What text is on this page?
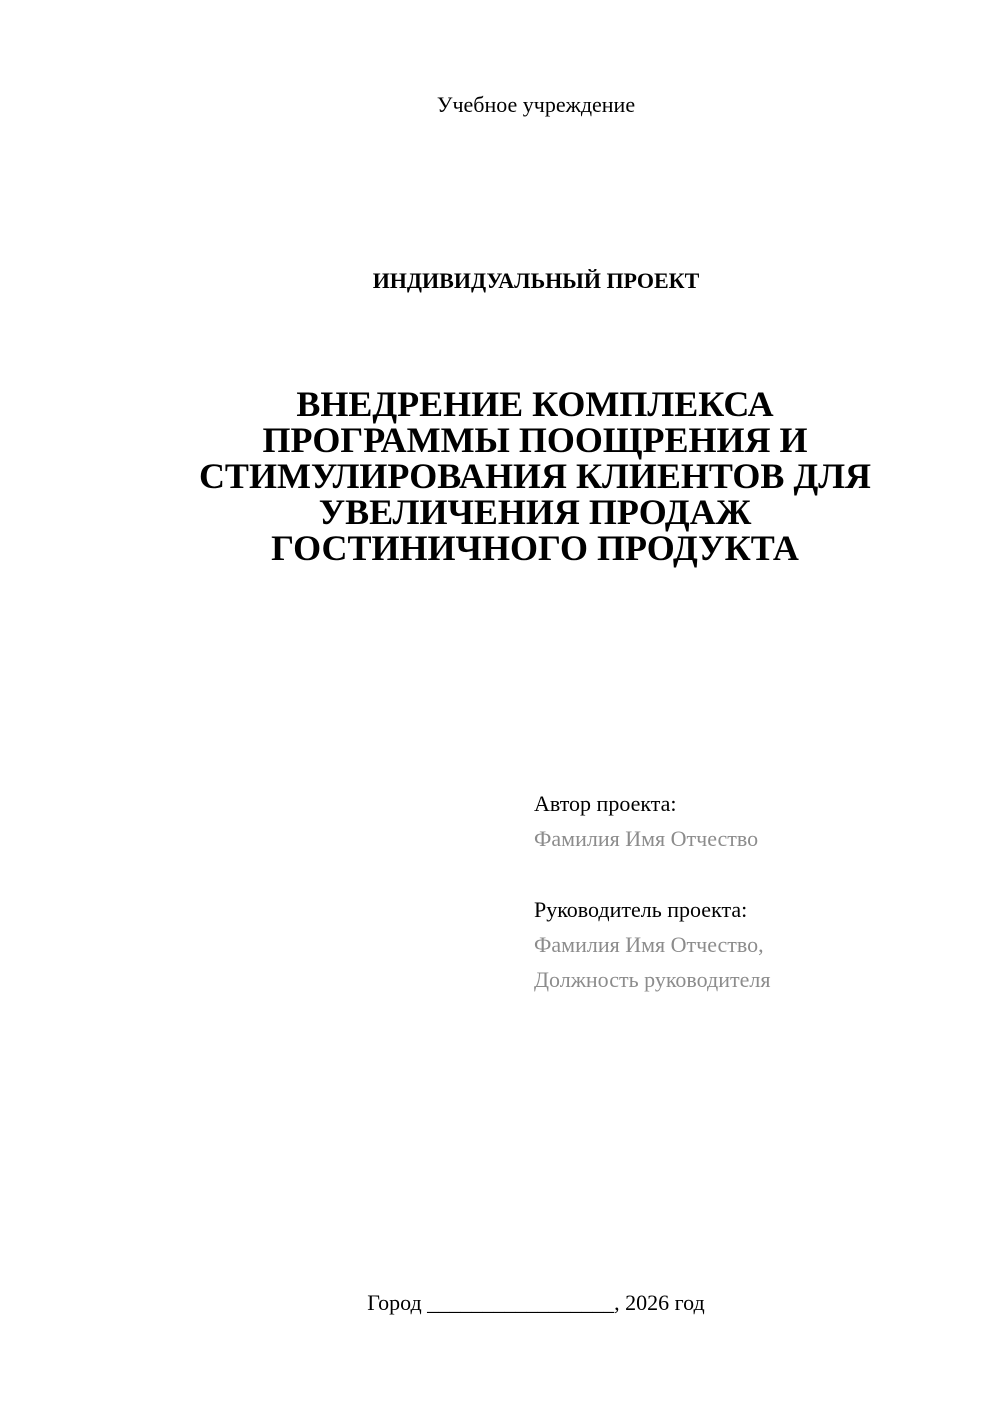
Учебное учреждение
ИНДИВИДУАЛЬНЫЙ ПРОЕКТ
ВНЕДРЕНИЕ КОМПЛЕКСА
ПРОГРАММЫ ПООЩРЕНИЯ И
СТИМУЛИРОВАНИЯ КЛИЕНТОВ ДЛЯ
УВЕЛИЧЕНИЯ ПРОДАЖ
ГОСТИНИЧНОГО ПРОДУКТА
Автор проекта:
Фамилия Имя Отчество
Руководитель проекта:
Фамилия Имя Отчество,
Должность руководителя
Город _________________, 2026 год
